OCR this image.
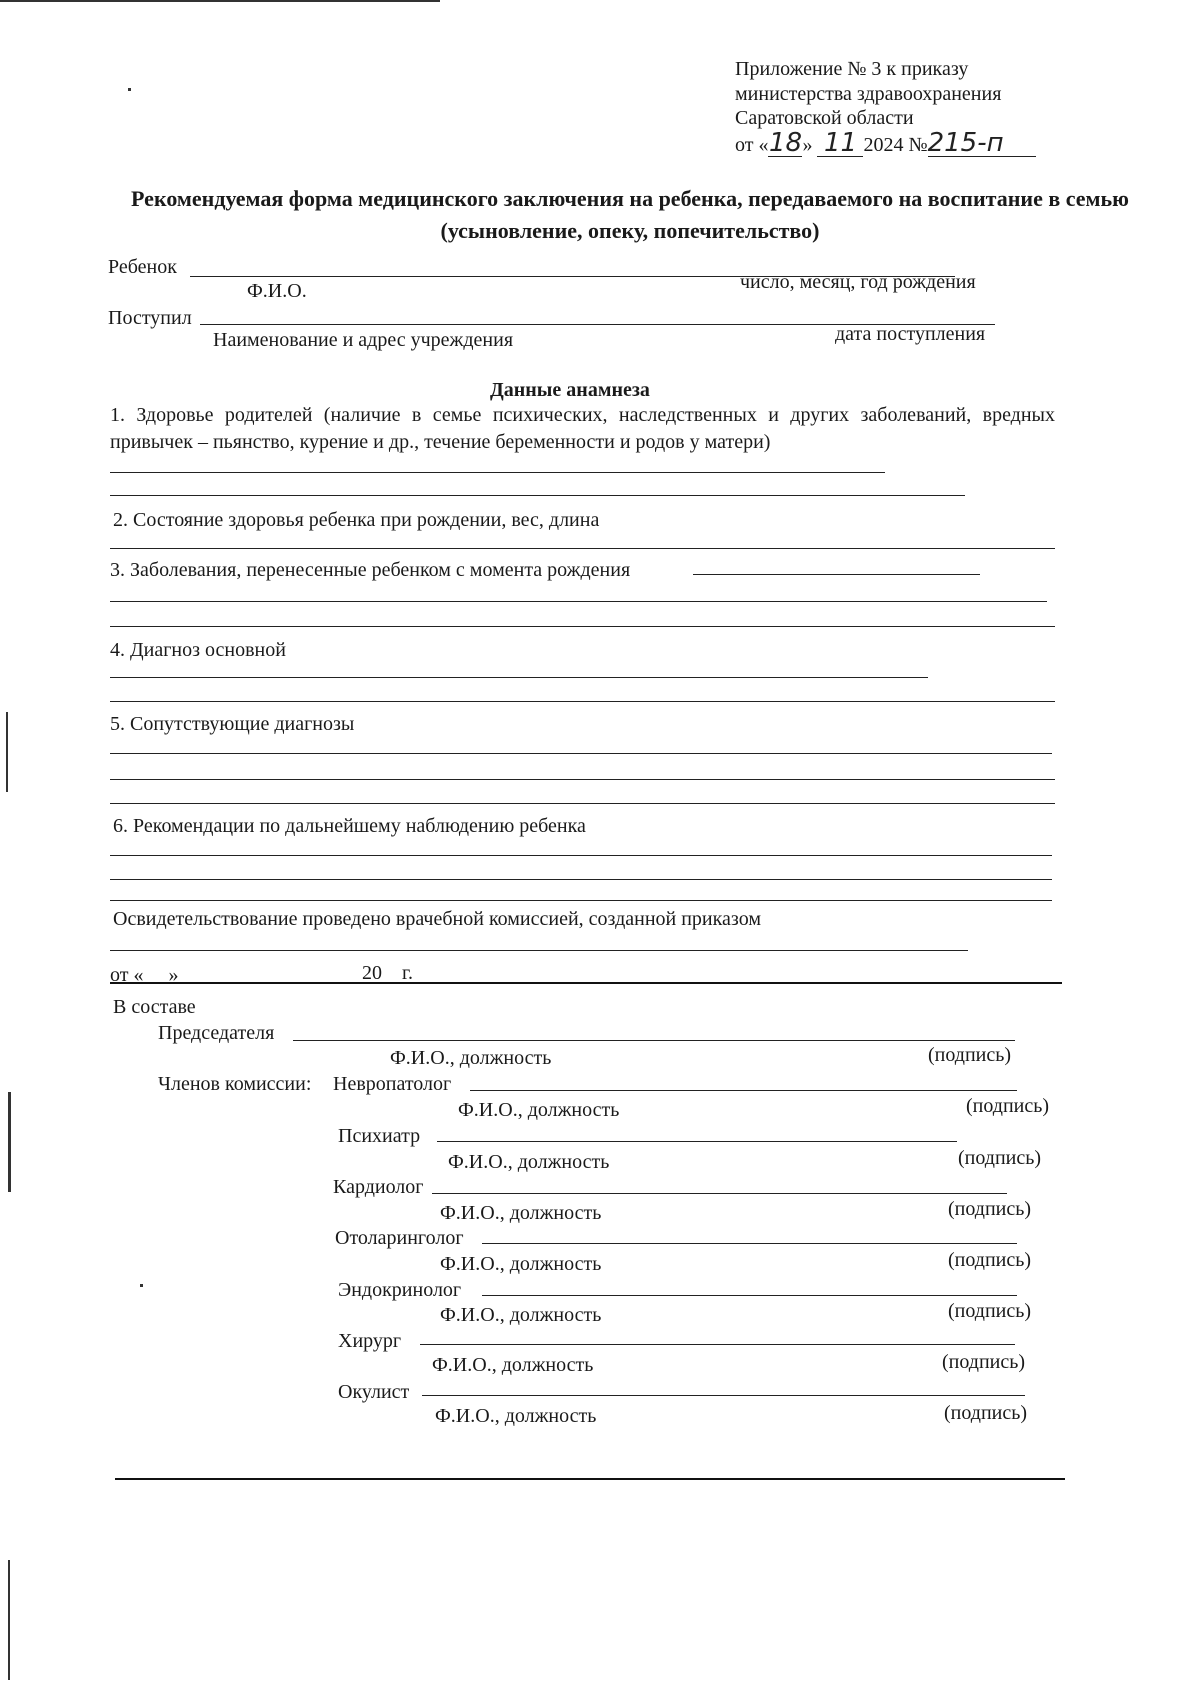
Приложение № 3 к приказу
министерства здравоохранения
Саратовской области
от «18» 11 2024 №215-п
Рекомендуемая форма медицинского заключения на ребенка, передаваемого на воспитание в семью (усыновление, опеку, попечительство)
Ребенок
Ф.И.О.	число, месяц, год рождения
Поступил
Наименование и адрес учреждения	дата поступления
Данные анамнеза
1. Здоровье родителей (наличие в семье психических, наследственных и других заболеваний, вредных привычек – пьянство, курение и др., течение беременности и родов у матери)
2. Состояние здоровья ребенка при рождении, вес, длина
3. Заболевания, перенесенные ребенком с момента рождения
4. Диагноз основной
5. Сопутствующие диагнозы
6. Рекомендации по дальнейшему наблюдению ребенка
Освидетельствование проведено врачебной комиссией, созданной приказом
от «     »	20    г.
В составе
Председателя
Ф.И.О., должность	(подпись)
Членов комиссии: Невропатолог
Ф.И.О., должность	(подпись)
Психиатр
Ф.И.О., должность	(подпись)
Кардиолог
Ф.И.О., должность	(подпись)
Отоларинголог
Ф.И.О., должность	(подпись)
Эндокринолог
Ф.И.О., должность	(подпись)
Хирург
Ф.И.О., должность	(подпись)
Окулист
Ф.И.О., должность	(подпись)
